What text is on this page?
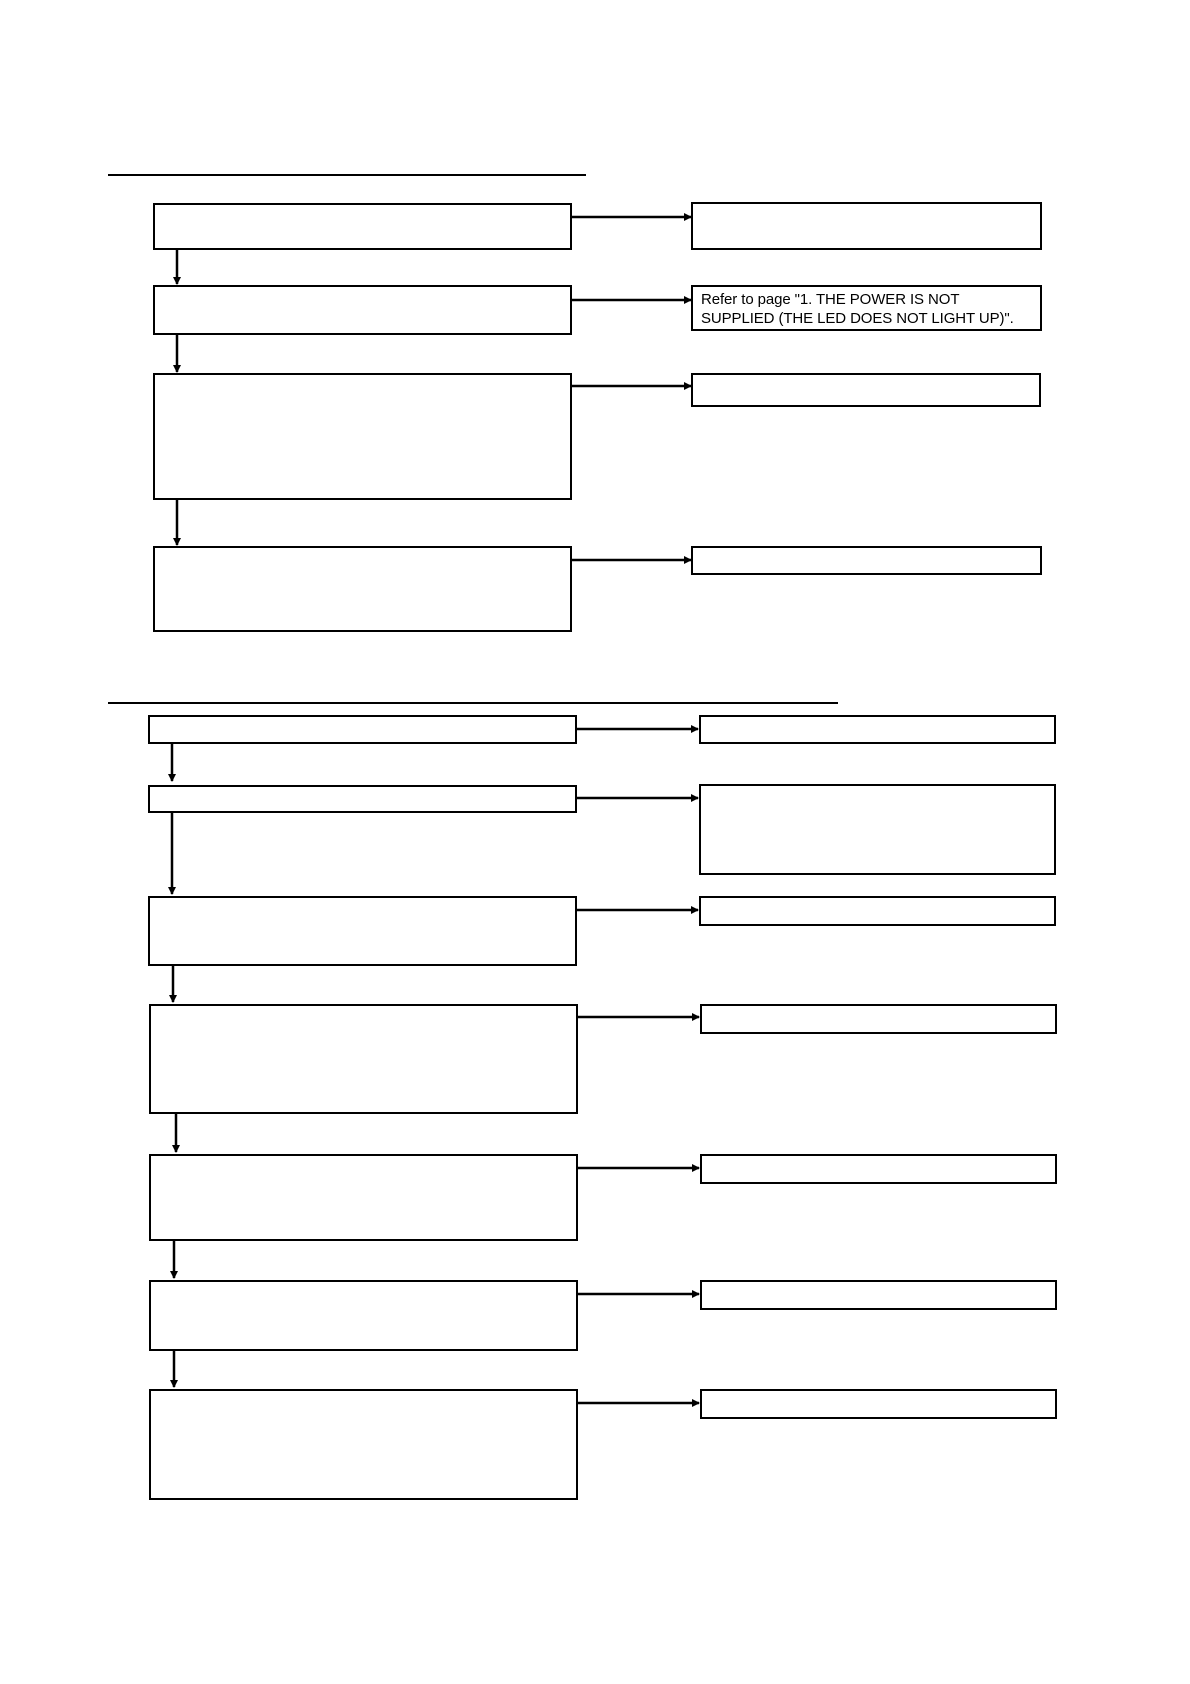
Refer to page "1. THE POWER IS NOT
SUPPLIED (THE LED DOES NOT LIGHT UP)".
